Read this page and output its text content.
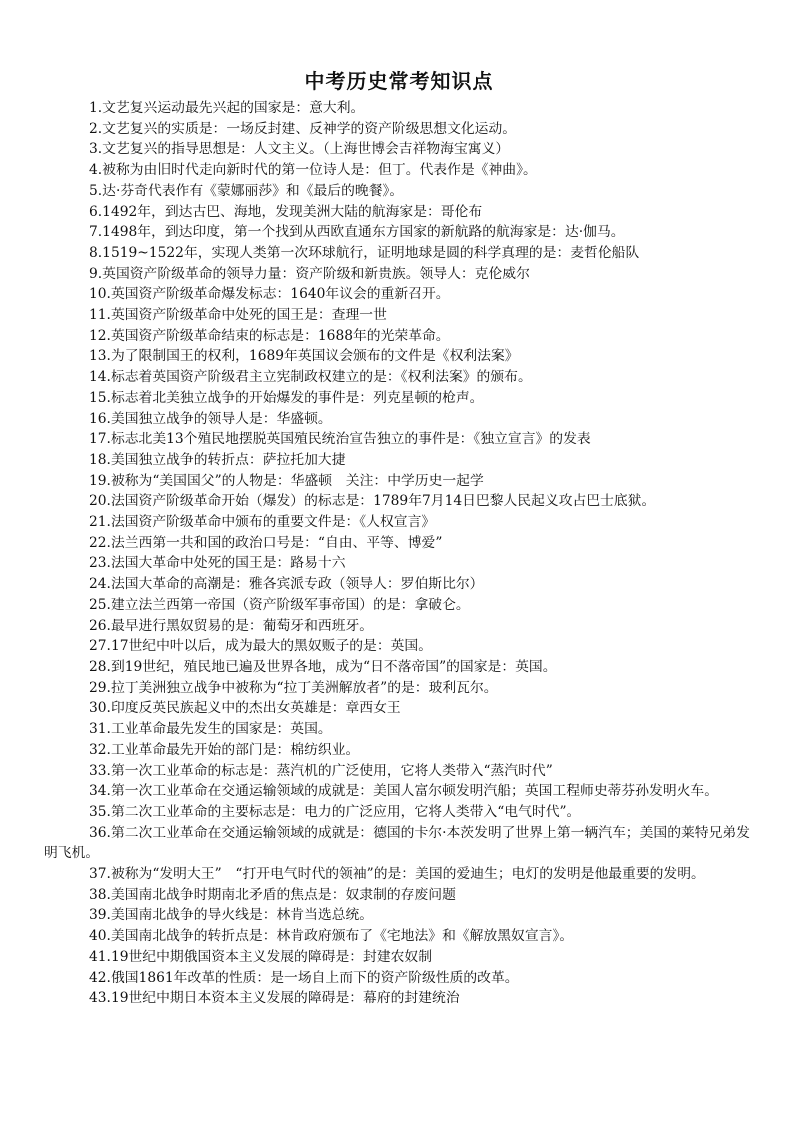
中考历史常考知识点

1.文艺复兴运动最先兴起的国家是：意大利。

2.文艺复兴的实质是：一场反封建、反神学的资产阶级思想文化运动。

3.文艺复兴的指导思想是：人文主义。（上海世博会吉祥物海宝寓义）

4.被称为由旧时代走向新时代的第一位诗人是：但丁。代表作是《神曲》。

5.达·芬奇代表作有《蒙娜丽莎》和《最后的晚餐》。

6.1492年，到达古巴、海地，发现美洲大陆的航海家是：哥伦布

7.1498年，到达印度，第一个找到从西欧直通东方国家的新航路的航海家是：达·伽马。

8.1519~1522年，实现人类第一次环球航行，证明地球是圆的科学真理的是：麦哲伦船队

9.英国资产阶级革命的领导力量：资产阶级和新贵族。领导人：克伦威尔

10.英国资产阶级革命爆发标志：1640年议会的重新召开。

11.英国资产阶级革命中处死的国王是：查理一世

12.英国资产阶级革命结束的标志是：1688年的光荣革命。

13.为了限制国王的权利，1689年英国议会颁布的文件是《权利法案》

14.标志着英国资产阶级君主立宪制政权建立的是：《权利法案》的颁布。

15.标志着北美独立战争的开始爆发的事件是：列克星顿的枪声。

16.美国独立战争的领导人是：华盛顿。

17.标志北美13个殖民地摆脱英国殖民统治宣告独立的事件是：《独立宣言》的发表

18.美国独立战争的转折点：萨拉托加大捷

19.被称为“美国国父”的人物是：华盛顿　关注：中学历史一起学

20.法国资产阶级革命开始（爆发）的标志是：1789年7月14日巴黎人民起义攻占巴士底狱。

21.法国资产阶级革命中颁布的重要文件是：《人权宣言》

22.法兰西第一共和国的政治口号是：“自由、平等、博爱”

23.法国大革命中处死的国王是：路易十六

24.法国大革命的高潮是：雅各宾派专政（领导人：罗伯斯比尔）

25.建立法兰西第一帝国（资产阶级军事帝国）的是：拿破仑。

26.最早进行黑奴贸易的是：葡萄牙和西班牙。

27.17世纪中叶以后，成为最大的黑奴贩子的是：英国。

28.到19世纪，殖民地已遍及世界各地，成为“日不落帝国”的国家是：英国。

29.拉丁美洲独立战争中被称为“拉丁美洲解放者”的是：玻利瓦尔。

30.印度反英民族起义中的杰出女英雄是：章西女王

31.工业革命最先发生的国家是：英国。

32.工业革命最先开始的部门是：棉纺织业。

33.第一次工业革命的标志是：蒸汽机的广泛使用，它将人类带入“蒸汽时代”

34.第一次工业革命在交通运输领域的成就是：美国人富尔顿发明汽船；英国工程师史蒂芬孙发明火车。

35.第二次工业革命的主要标志是：电力的广泛应用，它将人类带入“电气时代”。

36.第二次工业革命在交通运输领域的成就是：德国的卡尔·本茨发明了世界上第一辆汽车；美国的莱特兄弟发明飞机。

37.被称为“发明大王”　“打开电气时代的领袖”的是：美国的爱迪生；电灯的发明是他最重要的发明。

38.美国南北战争时期南北矛盾的焦点是：奴隶制的存废问题

39.美国南北战争的导火线是：林肯当选总统。

40.美国南北战争的转折点是：林肯政府颁布了《宅地法》和《解放黑奴宣言》。

41.19世纪中期俄国资本主义发展的障碍是：封建农奴制

42.俄国1861年改革的性质：是一场自上而下的资产阶级性质的改革。

43.19世纪中期日本资本主义发展的障碍是：幕府的封建统治
